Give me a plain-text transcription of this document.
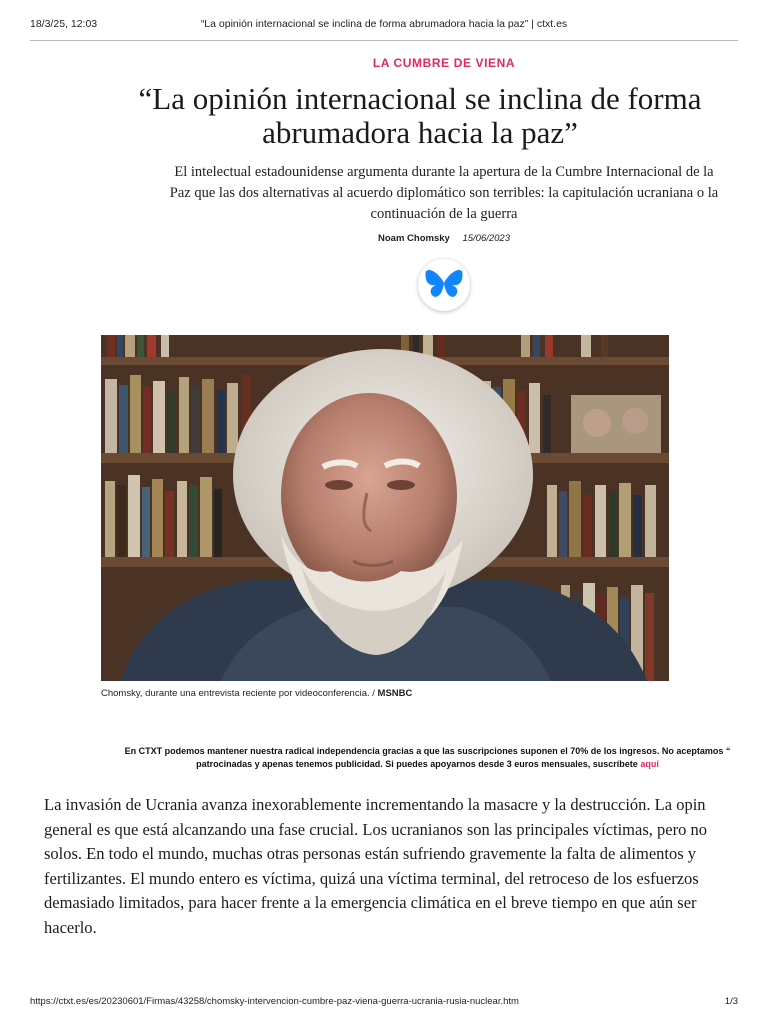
18/3/25, 12:03	“La opinión internacional se inclina de forma abrumadora hacia la paz” | ctxt.es
LA CUMBRE DE VIENA
“La opinión internacional se inclina de forma
abrumadora hacia la paz”
El intelectual estadounidense argumenta durante la apertura de la Cumbre Internacional de la
Paz que las dos alternativas al acuerdo diplomático son terribles: la capitulación ucraniana o la
continuación de la guerra
Noam Chomsky 15/06/2023
Chomsky, durante una entrevista reciente por videoconferencia. / MSNBC
En CTXT podemos mantener nuestra radical independencia gracias a que las suscripciones suponen el 70% de los ingresos. No aceptamos “
patrocinadas y apenas tenemos publicidad. Si puedes apoyarnos desde 3 euros mensuales, suscríbete aquí
La invasión de Ucrania avanza inexorablemente incrementando la masacre y la destrucción. La opin
general es que está alcanzando una fase crucial. Los ucranianos son las principales víctimas, pero no
solos. En todo el mundo, muchas otras personas están sufriendo gravemente la falta de alimentos y
fertilizantes. El mundo entero es víctima, quizá una víctima terminal, del retroceso de los esfuerzos
demasiado limitados, para hacer frente a la emergencia climática en el breve tiempo en que aún ser
hacerlo.
https://ctxt.es/es/20230601/Firmas/43258/chomsky-intervencion-cumbre-paz-viena-guerra-ucrania-rusia-nuclear.htm	1/3
